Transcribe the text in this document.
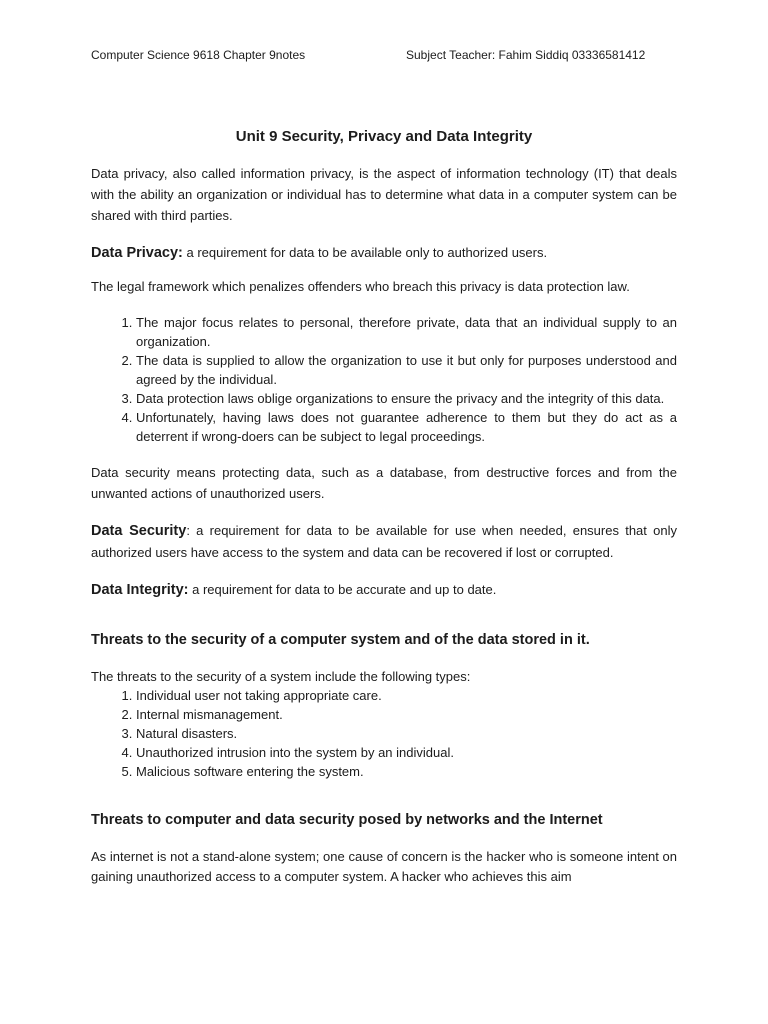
Computer Science 9618 Chapter 9notes	Subject Teacher: Fahim Siddiq 03336581412
Unit 9 Security, Privacy and Data Integrity

Data privacy, also called information privacy, is the aspect of information technology (IT) that deals with the ability an organization or individual has to determine what data in a computer system can be shared with third parties.

Data Privacy: a requirement for data to be available only to authorized users.

The legal framework which penalizes offenders who breach this privacy is data protection law.

1. The major focus relates to personal, therefore private, data that an individual supply to an organization.
2. The data is supplied to allow the organization to use it but only for purposes understood and agreed by the individual.
3. Data protection laws oblige organizations to ensure the privacy and the integrity of this data.
4. Unfortunately, having laws does not guarantee adherence to them but they do act as a deterrent if wrong-doers can be subject to legal proceedings.

Data security means protecting data, such as a database, from destructive forces and from the unwanted actions of unauthorized users.

Data Security: a requirement for data to be available for use when needed, ensures that only authorized users have access to the system and data can be recovered if lost or corrupted.

Data Integrity: a requirement for data to be accurate and up to date.

Threats to the security of a computer system and of the data stored in it.

The threats to the security of a system include the following types:

1. Individual user not taking appropriate care.
2. Internal mismanagement.
3. Natural disasters.
4. Unauthorized intrusion into the system by an individual.
5. Malicious software entering the system.
Threats to computer and data security posed by networks and the Internet

As internet is not a stand-alone system; one cause of concern is the hacker who is someone intent on gaining unauthorized access to a computer system. A hacker who achieves this aim
